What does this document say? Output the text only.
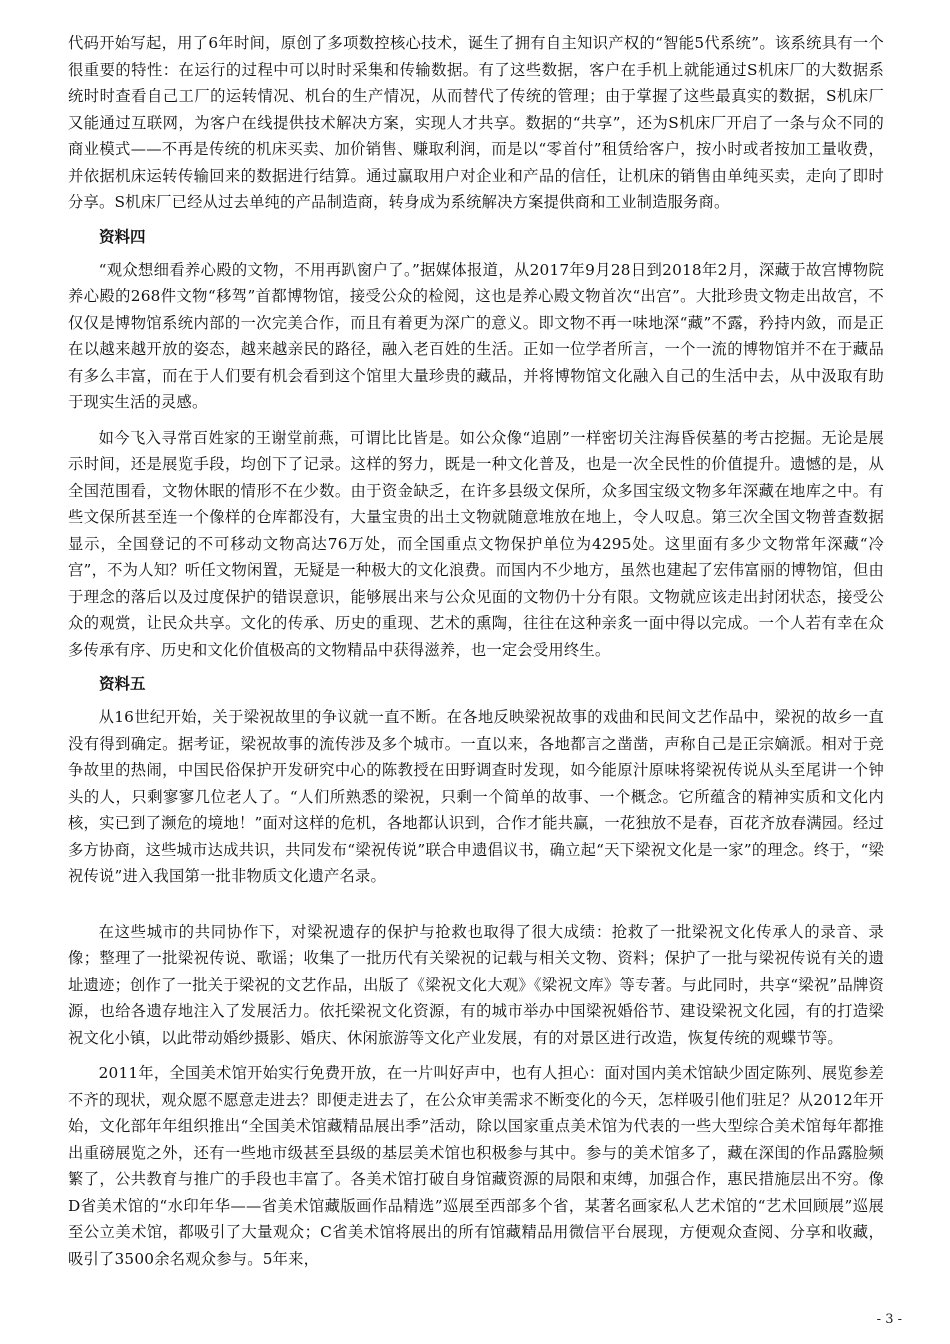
代码开始写起，用了6年时间，原创了多项数控核心技术，诞生了拥有自主知识产权的“智能5代系统”。该系统具有一个很重要的特性：在运行的过程中可以时时采集和传输数据。有了这些数据，客户在手机上就能通过S机床厂的大数据系统时时查看自己工厂的运转情况、机台的生产情况，从而替代了传统的管理；由于掌握了这些最真实的数据，S机床厂又能通过互联网，为客户在线提供技术解决方案，实现人才共享。数据的“共享”，还为S机床厂开启了一条与众不同的商业模式——不再是传统的机床买卖、加价销售、赚取利润，而是以“零首付”租赁给客户，按小时或者按加工量收费，并依据机床运转传输回来的数据进行结算。通过赢取用户对企业和产品的信任，让机床的销售由单纯买卖，走向了即时分享。S机床厂已经从过去单纯的产品制造商，转身成为系统解决方案提供商和工业制造服务商。

资料四

“观众想细看养心殿的文物，不用再趴窗户了。”据媒体报道，从2017年9月28日到2018年2月，深藏于故宫博物院养心殿的268件文物“移驾”首都博物馆，接受公众的检阅，这也是养心殿文物首次“出宫”。大批珍贵文物走出故宫，不仅仅是博物馆系统内部的一次完美合作，而且有着更为深广的意义。即文物不再一味地深“藏”不露，矜持内敛，而是正在以越来越开放的姿态，越来越亲民的路径，融入老百姓的生活。正如一位学者所言，一个一流的博物馆并不在于藏品有多么丰富，而在于人们要有机会看到这个馆里大量珍贵的藏品，并将博物馆文化融入自己的生活中去，从中汲取有助于现实生活的灵感。

如今飞入寻常百姓家的王谢堂前燕，可谓比比皆是。如公众像“追剧”一样密切关注海昏侯墓的考古挖掘。无论是展示时间，还是展览手段，均创下了记录。这样的努力，既是一种文化普及，也是一次全民性的价值提升。遗憾的是，从全国范围看，文物休眠的情形不在少数。由于资金缺乏，在许多县级文保所，众多国宝级文物多年深藏在地库之中。有些文保所甚至连一个像样的仓库都没有，大量宝贵的出土文物就随意堆放在地上，令人叹息。第三次全国文物普查数据显示，全国登记的不可移动文物高达76万处，而全国重点文物保护单位为4295处。这里面有多少文物常年深藏“冷宫”，不为人知？听任文物闲置，无疑是一种极大的文化浪费。而国内不少地方，虽然也建起了宏伟富丽的博物馆，但由于理念的落后以及过度保护的错误意识，能够展出来与公众见面的文物仍十分有限。文物就应该走出封闭状态，接受公众的观赏，让民众共享。文化的传承、历史的重现、艺术的熏陶，往往在这种亲炙一面中得以完成。一个人若有幸在众多传承有序、历史和文化价值极高的文物精品中获得滋养，也一定会受用终生。

资料五

从16世纪开始，关于梁祝故里的争议就一直不断。在各地反映梁祝故事的戏曲和民间文艺作品中，梁祝的故乡一直没有得到确定。据考证，梁祝故事的流传涉及多个城市。一直以来，各地都言之凿凿，声称自己是正宗嫡派。相对于竞争故里的热闹，中国民俗保护开发研究中心的陈教授在田野调查时发现，如今能原汁原味将梁祝传说从头至尾讲一个钟头的人，只剩寥寥几位老人了。“人们所熟悉的梁祝，只剩一个简单的故事、一个概念。它所蕴含的精神实质和文化内核，实已到了濒危的境地！”面对这样的危机，各地都认识到，合作才能共赢，一花独放不是春，百花齐放春满园。经过多方协商，这些城市达成共识，共同发布“梁祝传说”联合申遗倡议书，确立起“天下梁祝文化是一家”的理念。终于，“梁祝传说”进入我国第一批非物质文化遗产名录。

在这些城市的共同协作下，对梁祝遗存的保护与抢救也取得了很大成绩：抢救了一批梁祝文化传承人的录音、录像；整理了一批梁祝传说、歌谣；收集了一批历代有关梁祝的记载与相关文物、资料；保护了一批与梁祝传说有关的遗址遗迹；创作了一批关于梁祝的文艺作品，出版了《梁祝文化大观》《梁祝文库》等专著。与此同时，共享“梁祝”品牌资源，也给各遗存地注入了发展活力。依托梁祝文化资源，有的城市举办中国梁祝婚俗节、建设梁祝文化园，有的打造梁祝文化小镇，以此带动婚纱摄影、婚庆、休闲旅游等文化产业发展，有的对景区进行改造，恢复传统的观蝶节等。

2011年，全国美术馆开始实行免费开放，在一片叫好声中，也有人担心：面对国内美术馆缺少固定陈列、展览参差不齐的现状，观众愿不愿意走进去？即便走进去了，在公众审美需求不断变化的今天，怎样吸引他们驻足？从2012年开始，文化部年年组织推出“全国美术馆藏精品展出季”活动，除以国家重点美术馆为代表的一些大型综合美术馆每年都推出重磅展览之外，还有一些地市级甚至县级的基层美术馆也积极参与其中。参与的美术馆多了，藏在深闺的作品露脸频繁了，公共教育与推广的手段也丰富了。各美术馆打破自身馆藏资源的局限和束缚，加强合作，惠民措施层出不穷。像D省美术馆的“水印年华——省美术馆藏版画作品精选”巡展至西部多个省，某著名画家私人艺术馆的“艺术回顾展”巡展至公立美术馆，都吸引了大量观众；C省美术馆将展出的所有馆藏精品用微信平台展现，方便观众查阅、分享和收藏，吸引了3500余名观众参与。5年来，

- 3 -
